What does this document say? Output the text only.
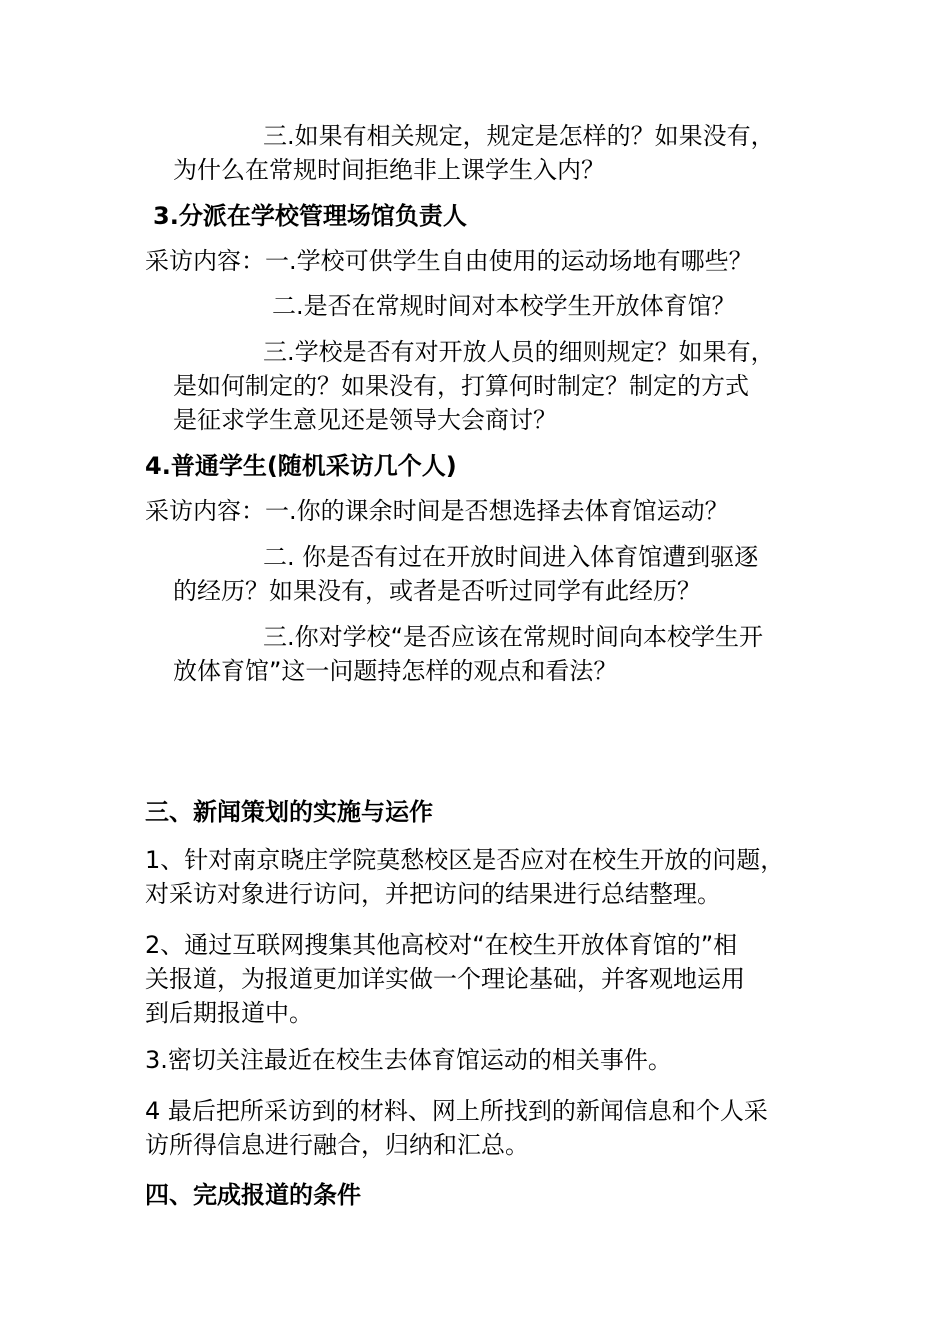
三.如果有相关规定，规定是怎样的？如果没有，
为什么在常规时间拒绝非上课学生入内？
3.分派在学校管理场馆负责人
采访内容：一.学校可供学生自由使用的运动场地有哪些？
二.是否在常规时间对本校学生开放体育馆？
三.学校是否有对开放人员的细则规定？如果有，
是如何制定的？如果没有，打算何时制定？制定的方式
是征求学生意见还是领导大会商讨？
4.普通学生(随机采访几个人)
采访内容：一.你的课余时间是否想选择去体育馆运动？
二. 你是否有过在开放时间进入体育馆遭到驱逐
的经历？如果没有，或者是否听过同学有此经历？
三.你对学校“是否应该在常规时间向本校学生开
放体育馆”这一问题持怎样的观点和看法？
三、新闻策划的实施与运作
1、针对南京晓庄学院莫愁校区是否应对在校生开放的问题，
对采访对象进行访问，并把访问的结果进行总结整理。
2、通过互联网搜集其他高校对“在校生开放体育馆的”相
关报道，为报道更加详实做一个理论基础，并客观地运用
到后期报道中。
3.密切关注最近在校生去体育馆运动的相关事件。
4 最后把所采访到的材料、网上所找到的新闻信息和个人采
访所得信息进行融合，归纳和汇总。
四、完成报道的条件
